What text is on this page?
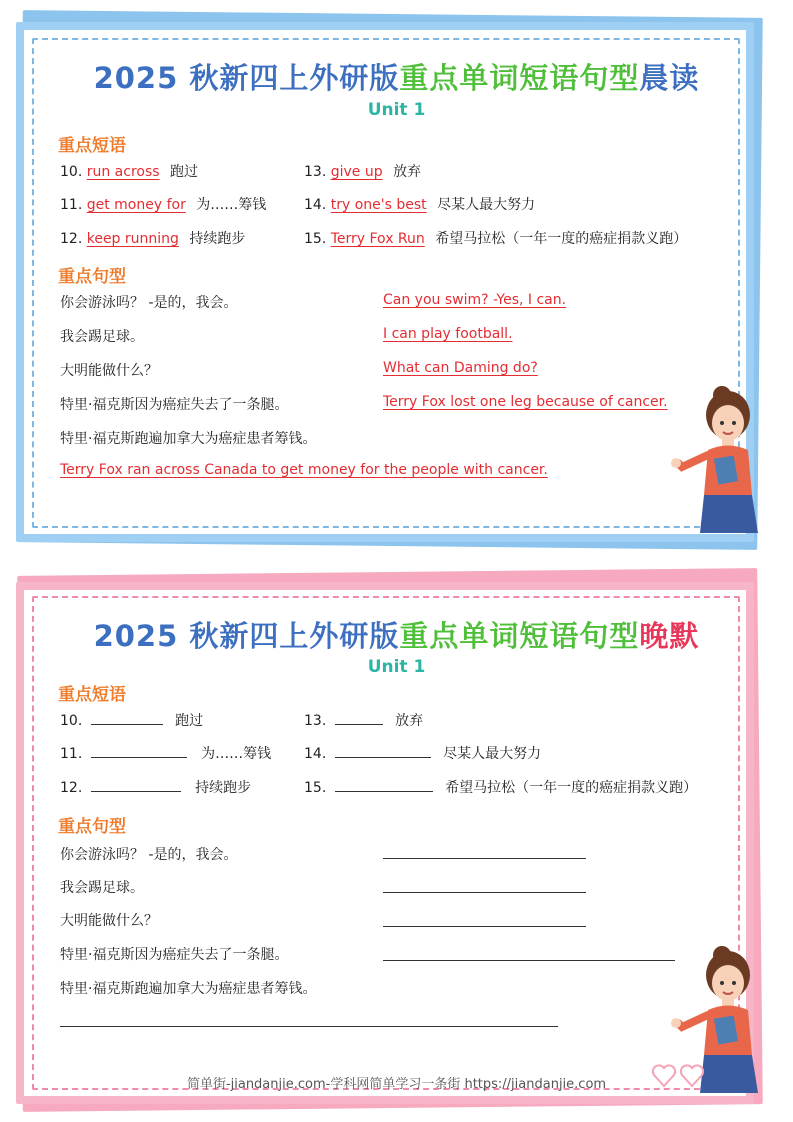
2025 秋新四上外研版重点单词短语句型晨读
Unit 1
重点短语
10. run across 跑过
11. get money for 为……筹钱
12. keep running 持续跑步
13. give up 放弃
14. try one's best 尽某人最大努力
15. Terry Fox Run 希望马拉松（一年一度的癌症捐款义跑）
重点句型
你会游泳吗？ -是的，我会。	Can you swim? -Yes, I can.
我会踢足球。	I can play football.
大明能做什么？	What can Daming do?
特里·福克斯因为癌症失去了一条腿。	Terry Fox lost one leg because of cancer.
特里·福克斯跑遍加拿大为癌症患者筹钱。
Terry Fox ran across Canada to get money for the people with cancer.
2025 秋新四上外研版重点单词短语句型晚默
Unit 1
重点短语
10.	跑过
11.	为……筹钱
12.	持续跑步
13.	放弃
14.	尽某人最大努力
15.	希望马拉松（一年一度的癌症捐款义跑）
重点句型
你会游泳吗？ -是的，我会。
我会踢足球。
大明能做什么？
特里·福克斯因为癌症失去了一条腿。
特里·福克斯跑遍加拿大为癌症患者筹钱。
简单街-jiandanjie.com-学科网简单学习一条街 https://jiandanjie.com
